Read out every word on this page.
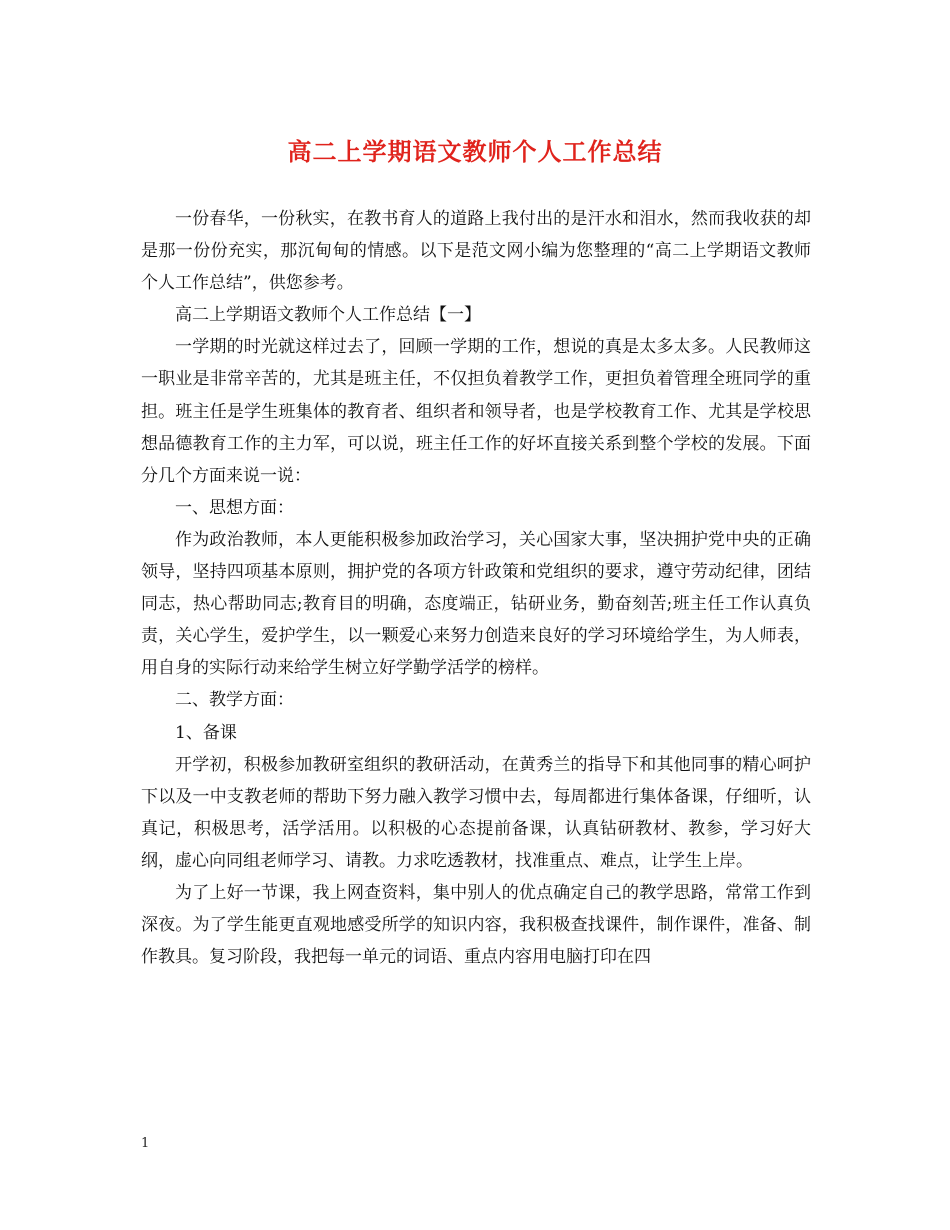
高二上学期语文教师个人工作总结

一份春华，一份秋实，在教书育人的道路上我付出的是汗水和泪水，然而我收获的却是那一份份充实，那沉甸甸的情感。以下是范文网小编为您整理的“高二上学期语文教师个人工作总结”，供您参考。

高二上学期语文教师个人工作总结【一】

一学期的时光就这样过去了，回顾一学期的工作，想说的真是太多太多。人民教师这一职业是非常辛苦的，尤其是班主任，不仅担负着教学工作，更担负着管理全班同学的重担。班主任是学生班集体的教育者、组织者和领导者，也是学校教育工作、尤其是学校思想品德教育工作的主力军，可以说，班主任工作的好坏直接关系到整个学校的发展。下面分几个方面来说一说：

一、思想方面：

作为政治教师，本人更能积极参加政治学习，关心国家大事，坚决拥护党中央的正确领导，坚持四项基本原则，拥护党的各项方针政策和党组织的要求，遵守劳动纪律，团结同志，热心帮助同志;教育目的明确，态度端正，钻研业务，勤奋刻苦;班主任工作认真负责，关心学生，爱护学生，以一颗爱心来努力创造来良好的学习环境给学生，为人师表，用自身的实际行动来给学生树立好学勤学活学的榜样。

二、教学方面：

1、备课

开学初，积极参加教研室组织的教研活动，在黄秀兰的指导下和其他同事的精心呵护下以及一中支教老师的帮助下努力融入教学习惯中去，每周都进行集体备课，仔细听，认真记，积极思考，活学活用。以积极的心态提前备课，认真钻研教材、教参，学习好大纲，虚心向同组老师学习、请教。力求吃透教材，找准重点、难点，让学生上岸。

为了上好一节课，我上网查资料，集中别人的优点确定自己的教学思路，常常工作到深夜。为了学生能更直观地感受所学的知识内容，我积极查找课件，制作课件，准备、制作教具。复习阶段，我把每一单元的词语、重点内容用电脑打印在四

1
